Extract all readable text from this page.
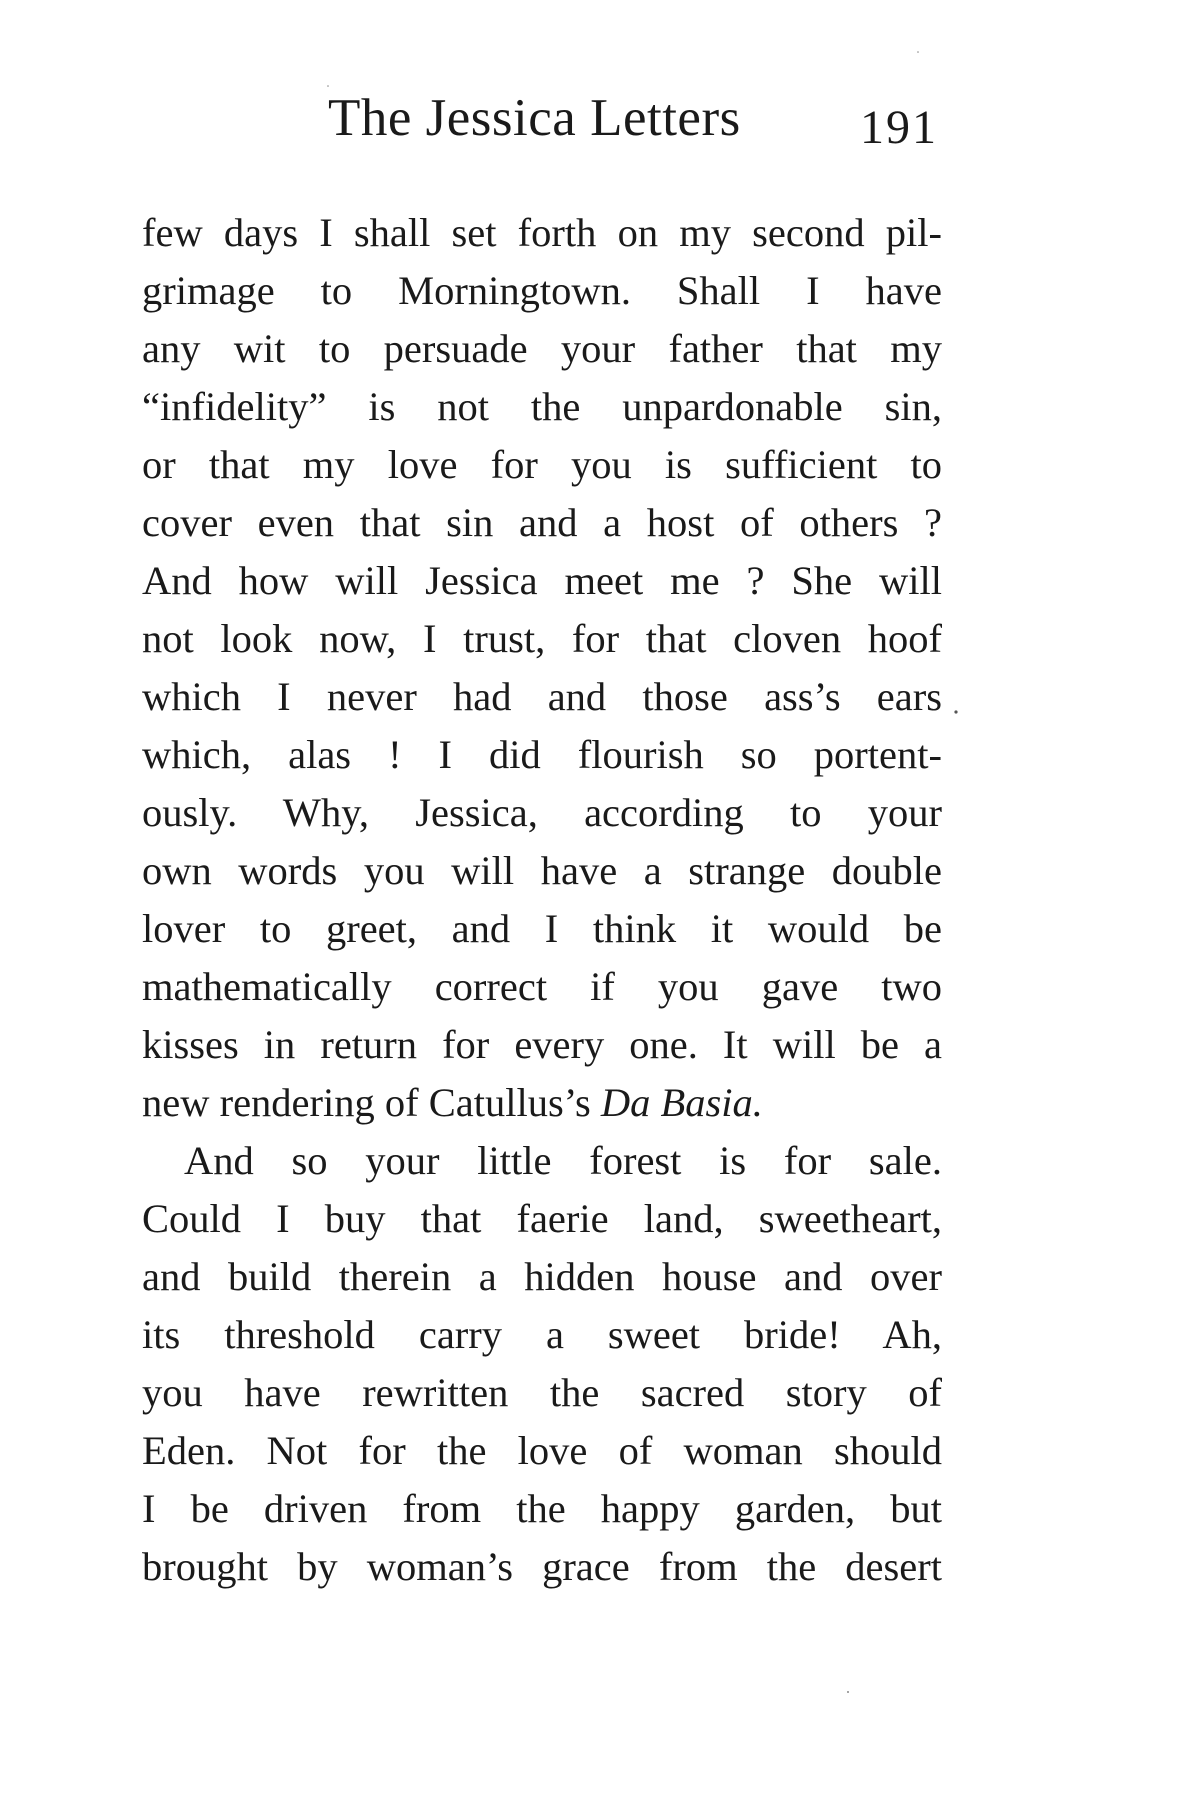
The Jessica Letters 191
few days I shall set forth on my second pil-
grimage to Morningtown. Shall I have
any wit to persuade your father that my
“infidelity” is not the unpardonable sin,
or that my love for you is sufficient to
cover even that sin and a host of others ?
And how will Jessica meet me ? She will
not look now, I trust, for that cloven hoof
which I never had and those ass’s ears
which, alas ! I did flourish so portent-
ously. Why, Jessica, according to your
own words you will have a strange double
lover to greet, and I think it would be
mathematically correct if you gave two
kisses in return for every one. It will be a
new rendering of Catullus’s Da Basia.
And so your little forest is for sale.
Could I buy that faerie land, sweetheart,
and build therein a hidden house and over
its threshold carry a sweet bride! Ah,
you have rewritten the sacred story of
Eden. Not for the love of woman should
I be driven from the happy garden, but
brought by woman’s grace from the desert
